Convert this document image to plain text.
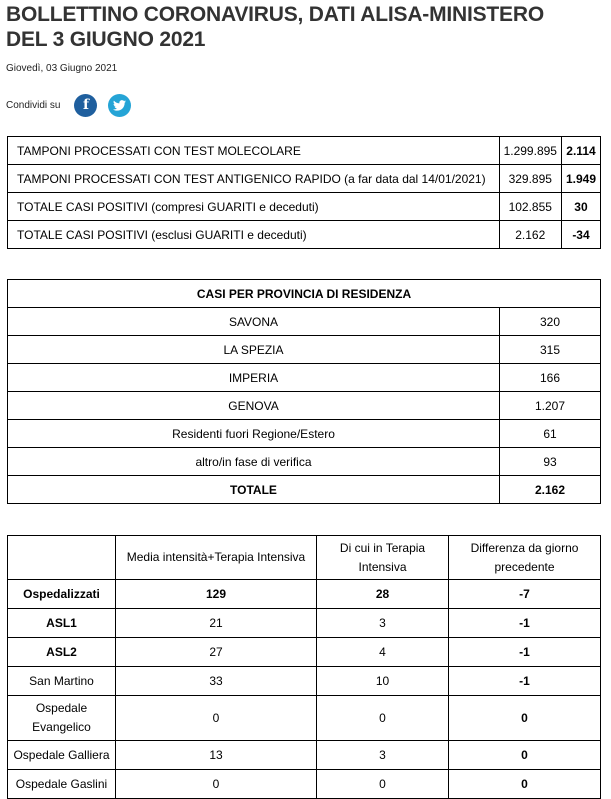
BOLLETTINO CORONAVIRUS, DATI ALISA-MINISTERO DEL 3 GIUGNO 2021
Giovedì, 03 Giugno 2021
Condividi su f
TAMPONI PROCESSATI CON TEST MOLECOLARE	1.299.895	2.114
TAMPONI PROCESSATI CON TEST ANTIGENICO RAPIDO (a far data dal 14/01/2021)	329.895	1.949
TOTALE CASI POSITIVI (compresi GUARITI e deceduti)	102.855	30
TOTALE CASI POSITIVI (esclusi GUARITI e deceduti)	2.162	-34
CASI PER PROVINCIA DI RESIDENZA	
SAVONA	320
LA SPEZIA	315
IMPERIA	166
GENOVA	1.207
Residenti fuori Regione/Estero	61
altro/in fase di verifica	93
TOTALE	2.162
	Media intensità+Terapia Intensiva	Di cui in Terapia Intensiva	Differenza da giorno precedente
Ospedalizzati	129	28	-7
ASL1	21	3	-1
ASL2	27	4	-1
San Martino	33	10	-1
Ospedale Evangelico	0	0	0
Ospedale Galliera	13	3	0
Ospedale Gaslini	0	0	0
